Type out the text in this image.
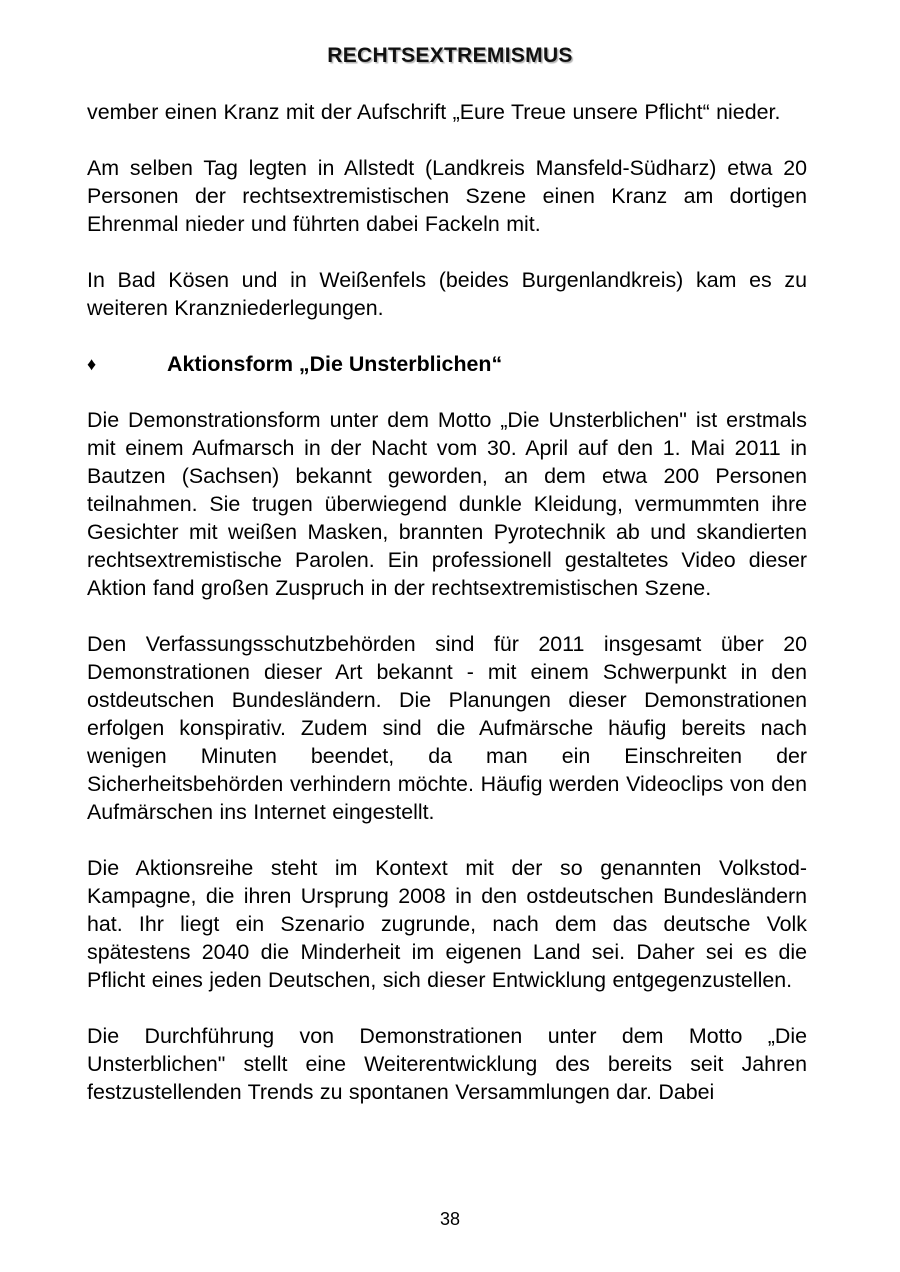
RECHTSEXTREMISMUS

vember einen Kranz mit der Aufschrift „Eure Treue unsere Pflicht“ nieder.

Am selben Tag legten in Allstedt (Landkreis Mansfeld-Südharz) etwa 20 Personen der rechtsextremistischen Szene einen Kranz am dortigen Ehrenmal nieder und führten dabei Fackeln mit.

In Bad Kösen und in Weißenfels (beides Burgenlandkreis) kam es zu weiteren Kranzniederlegungen.

♦	Aktionsform „Die Unsterblichen“

Die Demonstrationsform unter dem Motto „Die Unsterblichen" ist erstmals mit einem Aufmarsch in der Nacht vom 30. April auf den 1. Mai 2011 in Bautzen (Sachsen) bekannt geworden, an dem etwa 200 Personen teilnahmen. Sie trugen überwiegend dunkle Kleidung, vermummten ihre Gesichter mit weißen Masken, brannten Pyrotechnik ab und skandierten rechtsextremistische Parolen. Ein professionell gestaltetes Video dieser Aktion fand großen Zuspruch in der rechtsextremistischen Szene.

Den Verfassungsschutzbehörden sind für 2011 insgesamt über 20 Demonstrationen dieser Art bekannt - mit einem Schwerpunkt in den ostdeutschen Bundesländern. Die Planungen dieser Demonstrationen erfolgen konspirativ. Zudem sind die Aufmärsche häufig bereits nach wenigen Minuten beendet, da man ein Einschreiten der Sicherheitsbehörden verhindern möchte. Häufig werden Videoclips von den Aufmärschen ins Internet eingestellt.

Die Aktionsreihe steht im Kontext mit der so genannten Volkstod-Kampagne, die ihren Ursprung 2008 in den ostdeutschen Bundesländern hat. Ihr liegt ein Szenario zugrunde, nach dem das deutsche Volk spätestens 2040 die Minderheit im eigenen Land sei. Daher sei es die Pflicht eines jeden Deutschen, sich dieser Entwicklung entgegenzustellen.

Die Durchführung von Demonstrationen unter dem Motto „Die Unsterblichen" stellt eine Weiterentwicklung des bereits seit Jahren festzustellenden Trends zu spontanen Versammlungen dar. Dabei

38
